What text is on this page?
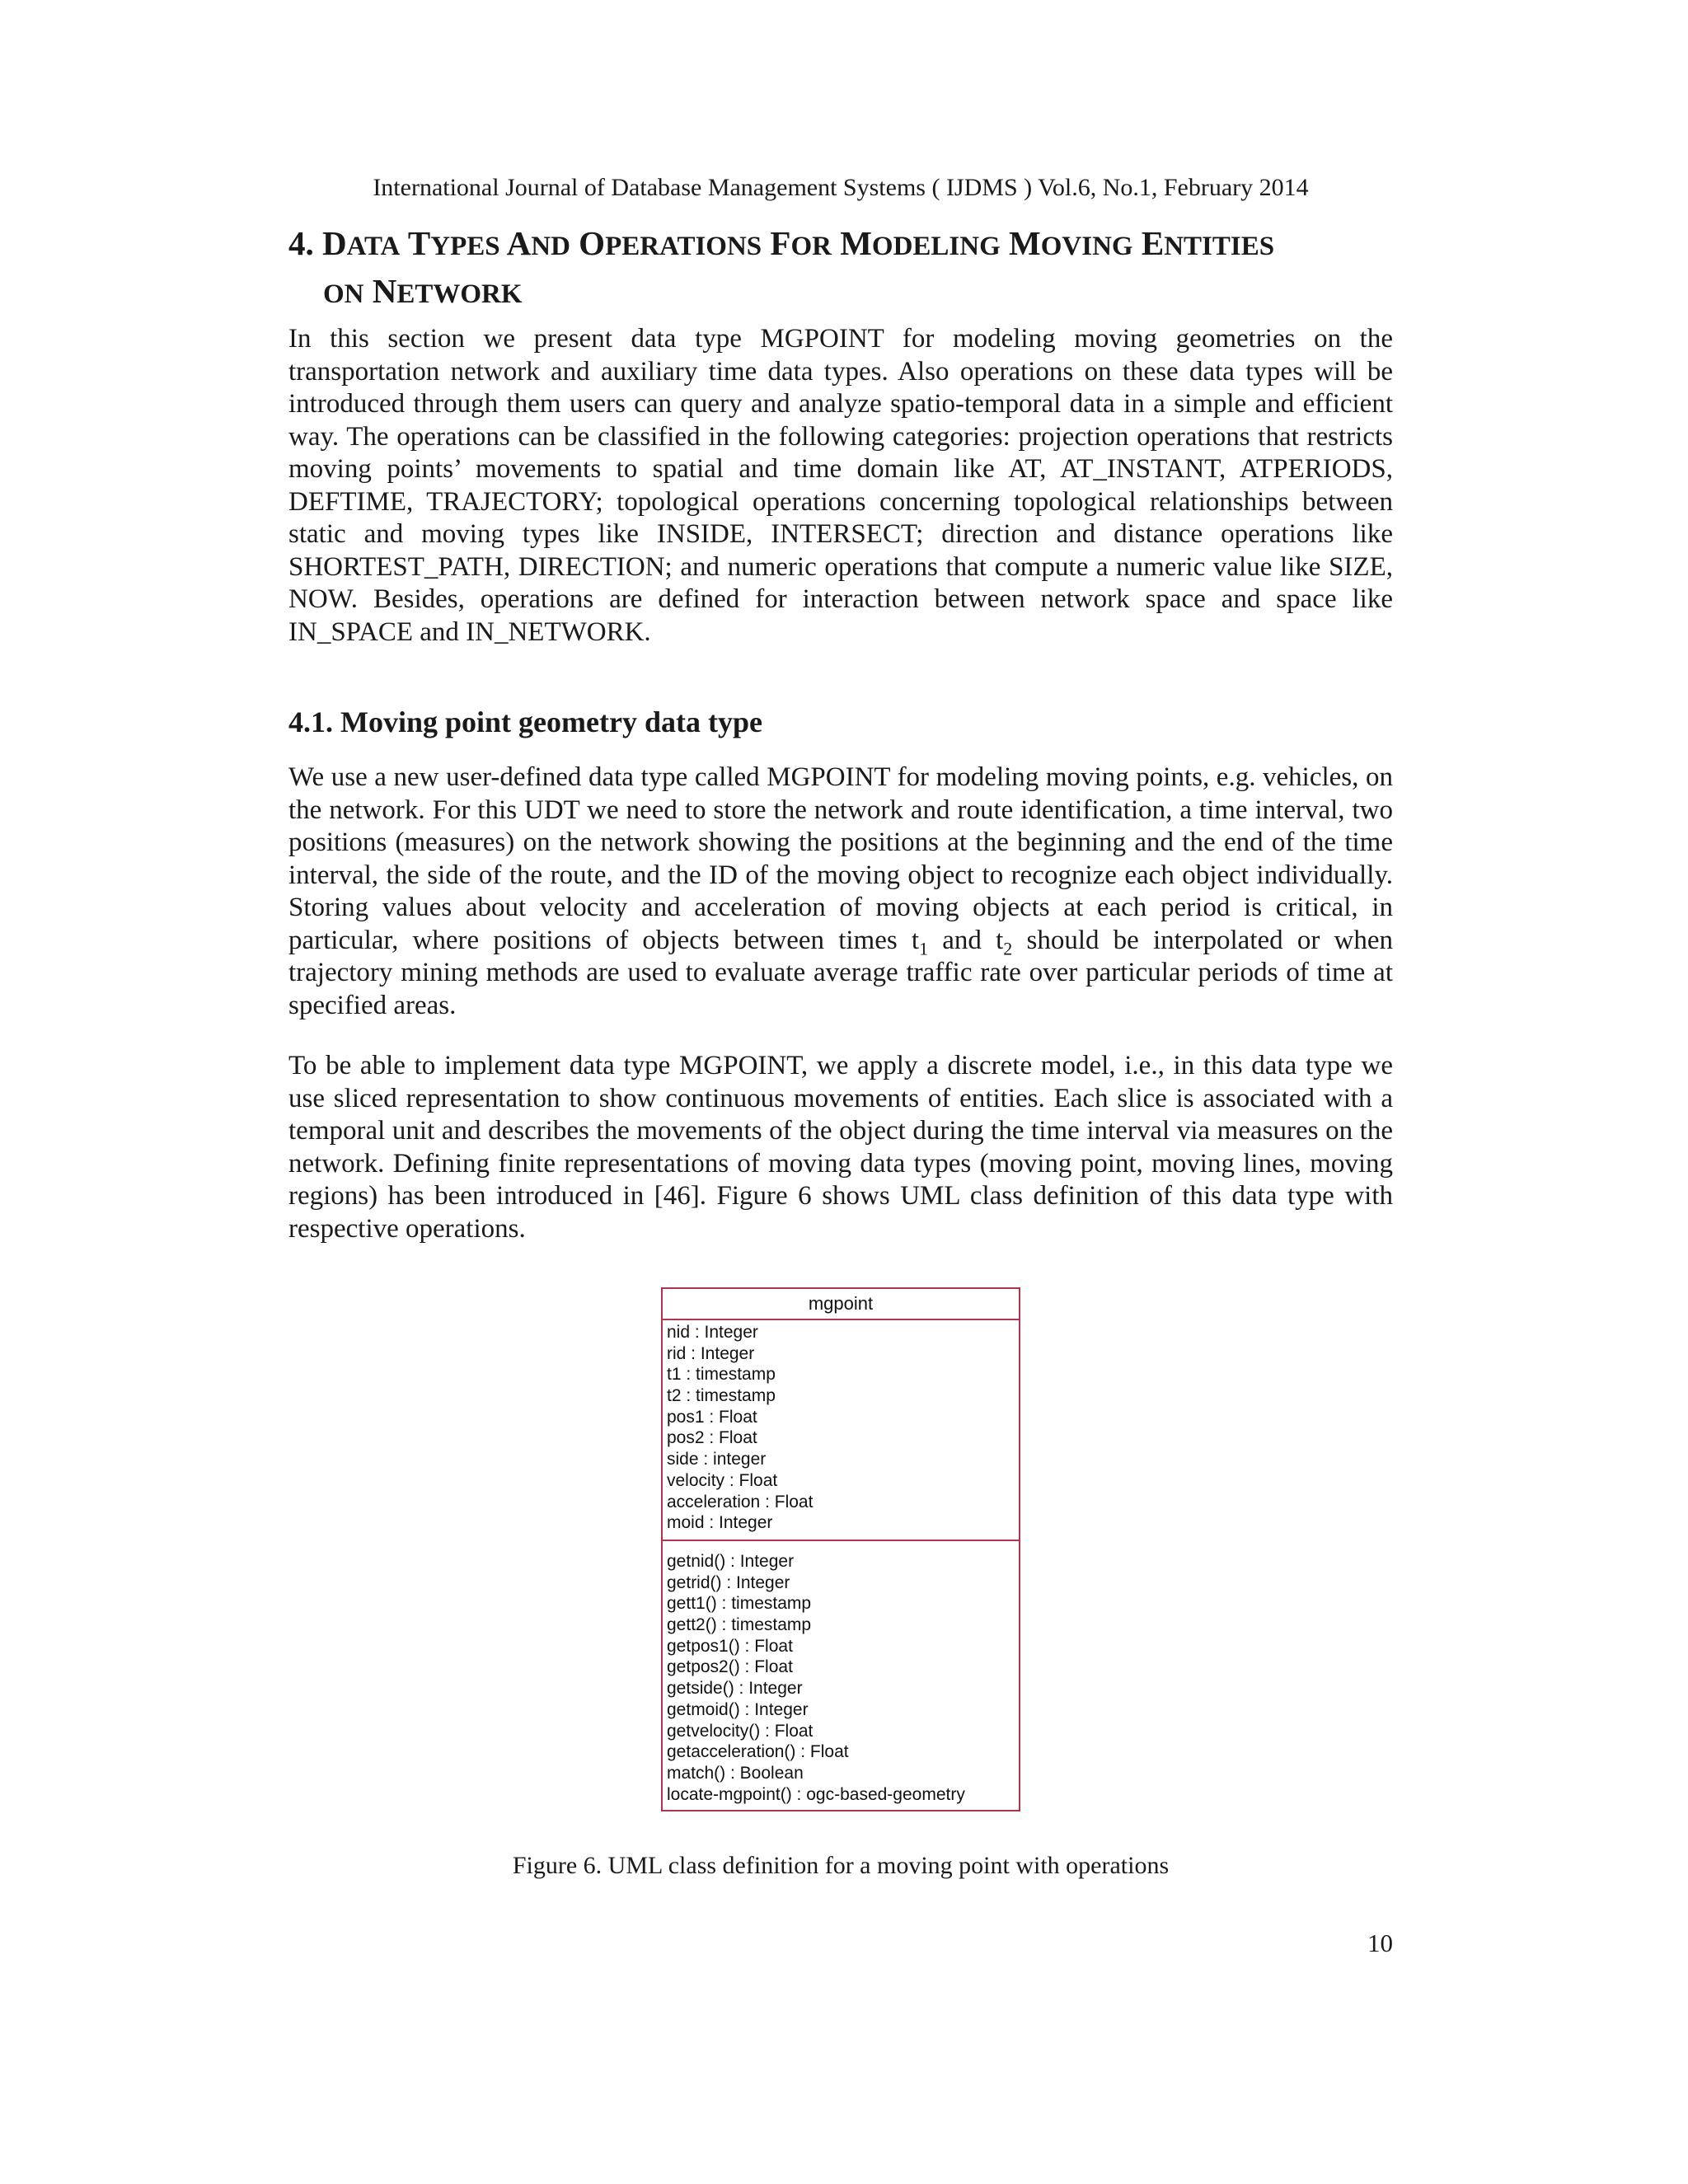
International Journal of Database Management Systems ( IJDMS ) Vol.6, No.1, February 2014
4. DATA TYPES AND OPERATIONS FOR MODELING MOVING ENTITIES
ON NETWORK

In this section we present data type MGPOINT for modeling moving geometries on the transportation network and auxiliary time data types. Also operations on these data types will be introduced through them users can query and analyze spatio-temporal data in a simple and efficient way. The operations can be classified in the following categories: projection operations that restricts moving points’ movements to spatial and time domain like AT, AT_INSTANT, ATPERIODS, DEFTIME, TRAJECTORY; topological operations concerning topological relationships between static and moving types like INSIDE, INTERSECT; direction and distance operations like SHORTEST_PATH, DIRECTION; and numeric operations that compute a numeric value like SIZE, NOW. Besides, operations are defined for interaction between network space and space like IN_SPACE and IN_NETWORK.

4.1. Moving point geometry data type

We use a new user-defined data type called MGPOINT for modeling moving points, e.g. vehicles, on the network. For this UDT we need to store the network and route identification, a time interval, two positions (measures) on the network showing the positions at the beginning and the end of the time interval, the side of the route, and the ID of the moving object to recognize each object individually. Storing values about velocity and acceleration of moving objects at each period is critical, in particular, where positions of objects between times $t_1$ and $t_2$ should be interpolated or when trajectory mining methods are used to evaluate average traffic rate over particular periods of time at specified areas.

To be able to implement data type MGPOINT, we apply a discrete model, i.e., in this data type we use sliced representation to show continuous movements of entities. Each slice is associated with a temporal unit and describes the movements of the object during the time interval via measures on the network. Defining finite representations of moving data types (moving point, moving lines, moving regions) has been introduced in [46]. Figure 6 shows UML class definition of this data type with respective operations.

mgpoint
nid : Integer
rid : Integer
t1 : timestamp
t2 : timestamp
pos1 : Float
pos2 : Float
side : integer
velocity : Float
acceleration : Float
moid : Integer
getnid() : Integer
getrid() : Integer
gett1() : timestamp
gett2() : timestamp
getpos1() : Float
getpos2() : Float
getside() : Integer
getmoid() : Integer
getvelocity() : Float
getacceleration() : Float
match() : Boolean
locate-mgpoint() : ogc-based-geometry

Figure 6. UML class definition for a moving point with operations

10
